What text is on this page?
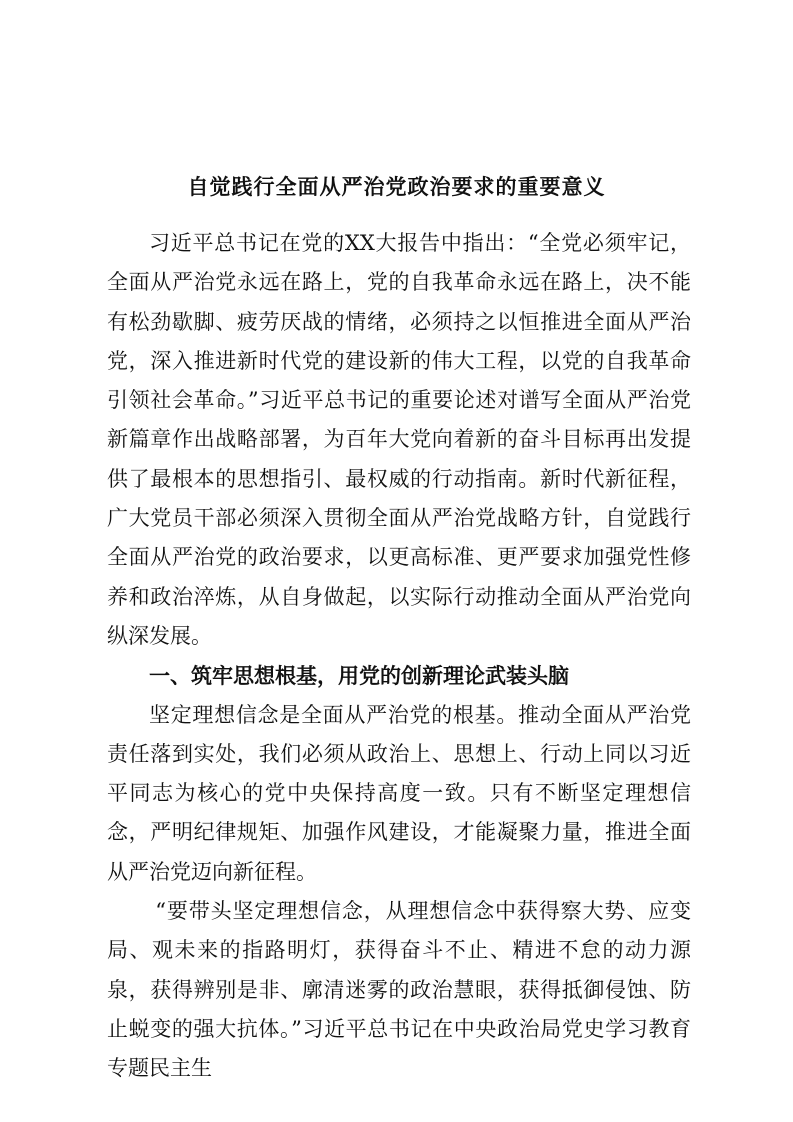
自觉践行全面从严治党政治要求的重要意义

习近平总书记在党的XX大报告中指出：“全党必须牢记，全面从严治党永远在路上，党的自我革命永远在路上，决不能有松劲歇脚、疲劳厌战的情绪，必须持之以恒推进全面从严治党，深入推进新时代党的建设新的伟大工程，以党的自我革命引领社会革命。”习近平总书记的重要论述对谱写全面从严治党新篇章作出战略部署，为百年大党向着新的奋斗目标再出发提供了最根本的思想指引、最权威的行动指南。新时代新征程，广大党员干部必须深入贯彻全面从严治党战略方针，自觉践行全面从严治党的政治要求，以更高标准、更严要求加强党性修养和政治淬炼，从自身做起，以实际行动推动全面从严治党向纵深发展。

一、筑牢思想根基，用党的创新理论武装头脑

坚定理想信念是全面从严治党的根基。推动全面从严治党责任落到实处，我们必须从政治上、思想上、行动上同以习近平同志为核心的党中央保持高度一致。只有不断坚定理想信念，严明纪律规矩、加强作风建设，才能凝聚力量，推进全面从严治党迈向新征程。

“要带头坚定理想信念，从理想信念中获得察大势、应变局、观未来的指路明灯，获得奋斗不止、精进不怠的动力源泉，获得辨别是非、廓清迷雾的政治慧眼，获得抵御侵蚀、防止蜕变的强大抗体。”习近平总书记在中央政治局党史学习教育专题民主生
